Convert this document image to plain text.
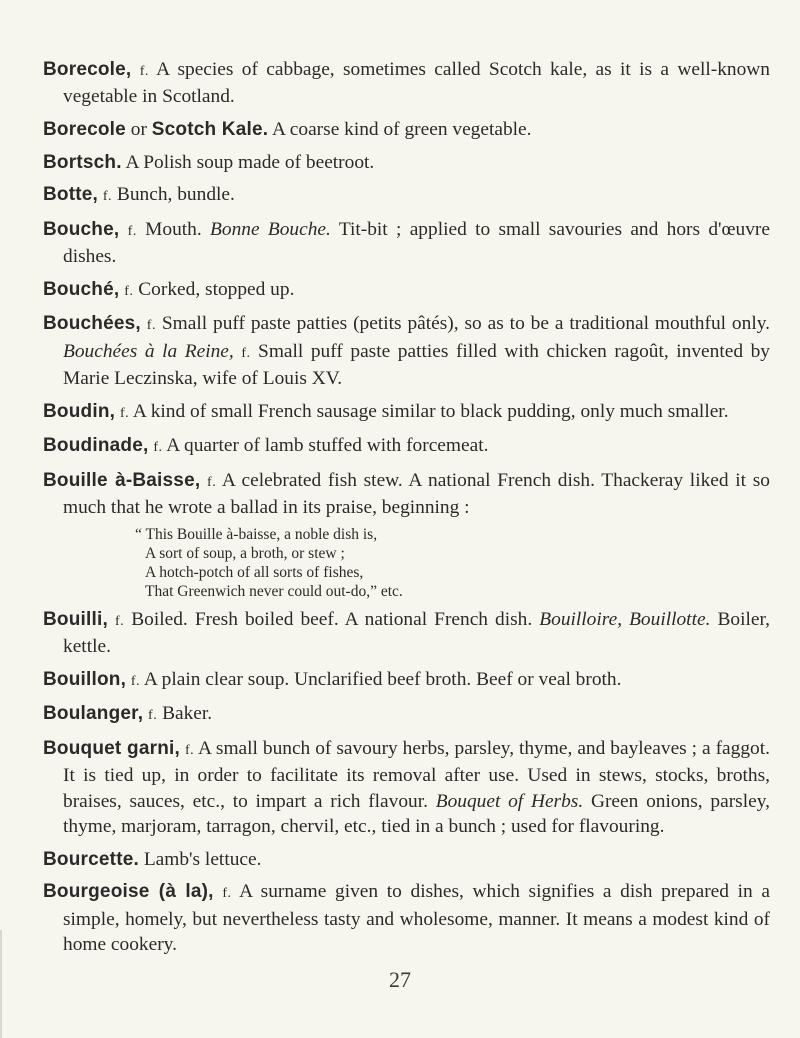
Borecole, f. A species of cabbage, sometimes called Scotch kale, as it is a well-known vegetable in Scotland.

Borecole or Scotch Kale. A coarse kind of green vegetable.

Bortsch. A Polish soup made of beetroot.

Botte, f. Bunch, bundle.

Bouche, f. Mouth. Bonne Bouche. Tit-bit ; applied to small savouries and hors d'œuvre dishes.

Bouché, f. Corked, stopped up.

Bouchées, f. Small puff paste patties (petits pâtés), so as to be a traditional mouthful only. Bouchées à la Reine, f. Small puff paste patties filled with chicken ragoût, invented by Marie Leczinska, wife of Louis XV.

Boudin, f. A kind of small French sausage similar to black pudding, only much smaller.

Boudinade, f. A quarter of lamb stuffed with forcemeat.

Bouille à-Baisse, f. A celebrated fish stew. A national French dish. Thackeray liked it so much that he wrote a ballad in its praise, beginning :

“ This Bouille à-baisse, a noble dish is,
A sort of soup, a broth, or stew ;
A hotch-potch of all sorts of fishes,
That Greenwich never could out-do,” etc.

Bouilli, f. Boiled. Fresh boiled beef. A national French dish. Bouilloire, Bouillotte. Boiler, kettle.

Bouillon, f. A plain clear soup. Unclarified beef broth. Beef or veal broth.

Boulanger, f. Baker.

Bouquet garni, f. A small bunch of savoury herbs, parsley, thyme, and bayleaves ; a faggot. It is tied up, in order to facilitate its removal after use. Used in stews, stocks, broths, braises, sauces, etc., to impart a rich flavour. Bouquet of Herbs. Green onions, parsley, thyme, marjoram, tarragon, chervil, etc., tied in a bunch ; used for flavouring.

Bourcette. Lamb's lettuce.

Bourgeoise (à la), f. A surname given to dishes, which signifies a dish prepared in a simple, homely, but nevertheless tasty and wholesome, manner. It means a modest kind of home cookery.

27
